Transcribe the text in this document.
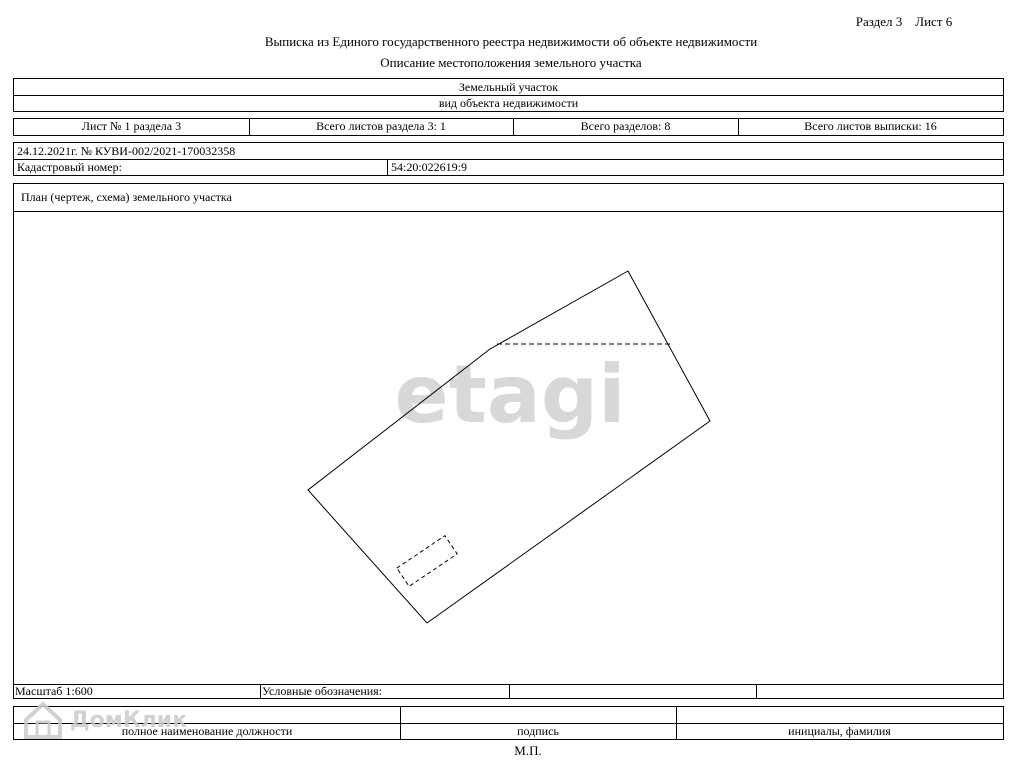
Раздел 3    Лист 6
Выписка из Единого государственного реестра недвижимости об объекте недвижимости
Описание местоположения земельного участка
Земельный участок
вид объекта недвижимости
Лист № 1 раздела 3	Всего листов раздела 3: 1	Всего разделов: 8	Всего листов выписки: 16
24.12.2021г. № КУВИ-002/2021-170032358
Кадастровый номер:	54:20:022619:9
План (чертеж, схема) земельного участка
etagi
Масштаб 1:600	Условные обозначения:
полное наименование должности	подпись	инициалы, фамилия
М.П.
ДомКлик
